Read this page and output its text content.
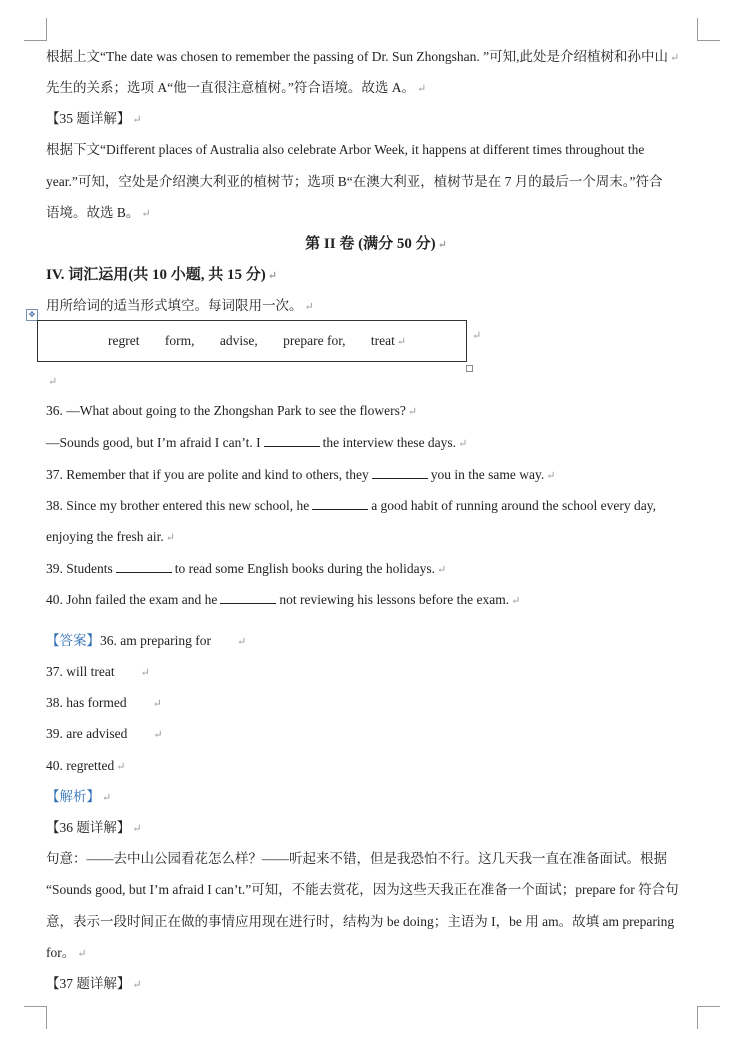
根据上文“The date was chosen to remember the passing of Dr. Sun Zhongshan. ”可知,此处是介绍植树和孙中山 ↵
先生的关系；选项 A“他一直很注意植树。”符合语境。故选 A。 ↵
【35 题详解】 ↵
根据下文“Different places of Australia also celebrate Arbor Week, it happens at different times throughout the
year.”可知，空处是介绍澳大利亚的植树节；选项 B“在澳大利亚，植树节是在 7 月的最后一个周末。”符合
语境。故选 B。 ↵
第 II 卷 (满分 50 分) ↵
IV. 词汇运用(共 10 小题, 共 15 分) ↵
用所给词的适当形式填空。每词限用一次。 ↵
✥
regret form, advise, prepare for, treat ↵	↵
↵
36. —What about going to the Zhongshan Park to see the flowers? ↵
—Sounds good, but I’m afraid I can’t. I	the interview these days. ↵
37. Remember that if you are polite and kind to others, they	you in the same way. ↵
38. Since my brother entered this new school, he	a good habit of running around the school every day,
enjoying the fresh air. ↵
39. Students	to read some English books during the holidays. ↵
40. John failed the exam and he	not reviewing his lessons before the exam. ↵
【答案】36. am preparing for ↵
37. will treat ↵
38. has formed ↵
39. are advised ↵
40. regretted ↵
【解析】 ↵
【36 题详解】 ↵
句意：——去中山公园看花怎么样？——听起来不错，但是我恐怕不行。这几天我一直在准备面试。根据
“Sounds good, but I’m afraid I can’t.”可知，不能去赏花，因为这些天我正在准备一个面试；prepare for 符合句
意，表示一段时间正在做的事情应用现在进行时，结构为 be doing；主语为 I，be 用 am。故填 am preparing
for。 ↵
【37 题详解】 ↵
